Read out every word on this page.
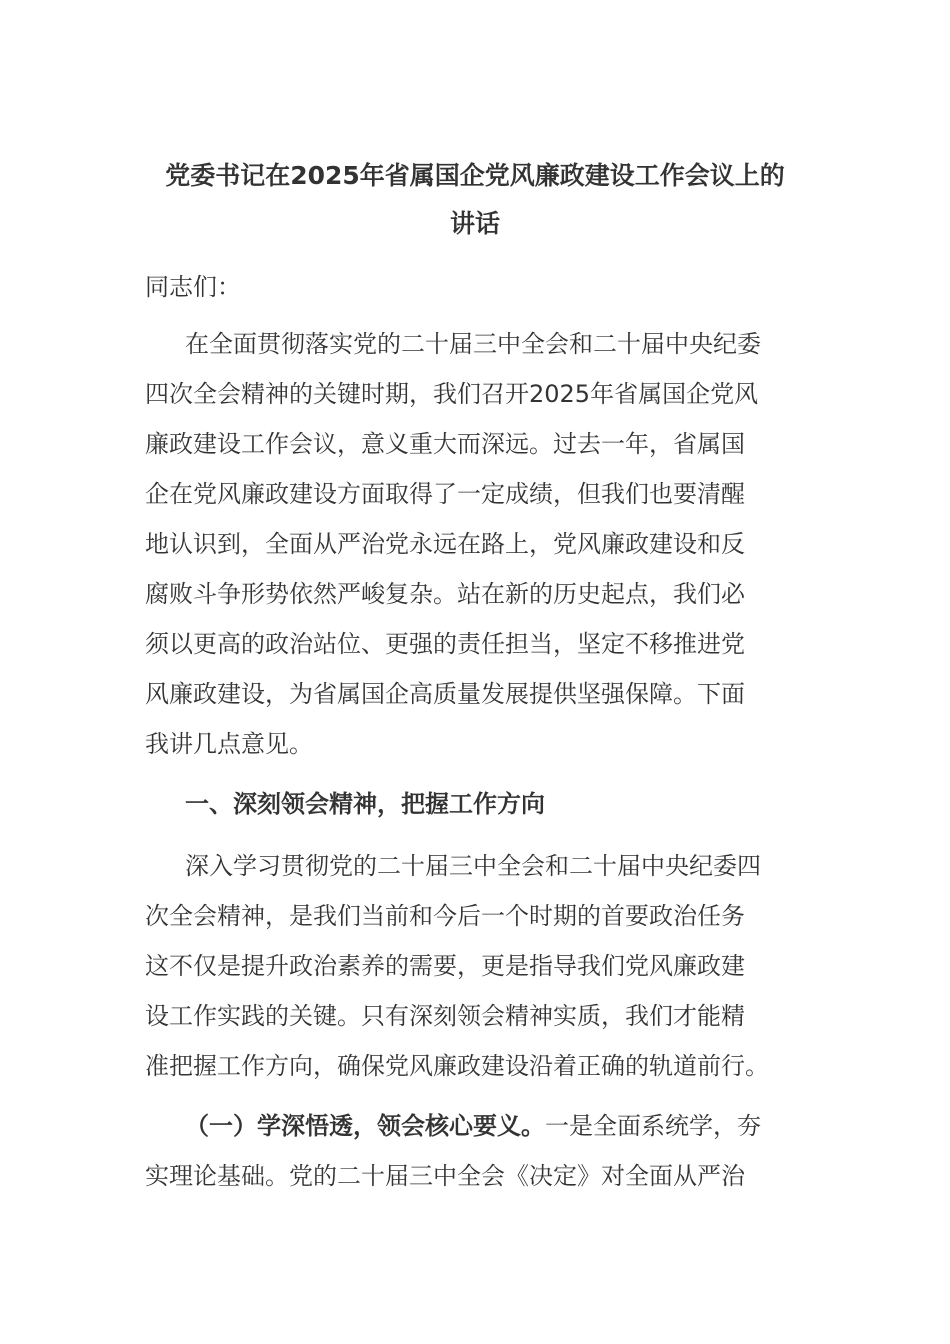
党委书记在2025年省属国企党风廉政建设工作会议上的
讲话

同志们：

在全面贯彻落实党的二十届三中全会和二十届中央纪委
四次全会精神的关键时期，我们召开2025年省属国企党风
廉政建设工作会议，意义重大而深远。过去一年，省属国
企在党风廉政建设方面取得了一定成绩，但我们也要清醒
地认识到，全面从严治党永远在路上，党风廉政建设和反
腐败斗争形势依然严峻复杂。站在新的历史起点，我们必
须以更高的政治站位、更强的责任担当，坚定不移推进党
风廉政建设，为省属国企高质量发展提供坚强保障。下面
我讲几点意见。

一、深刻领会精神，把握工作方向

深入学习贯彻党的二十届三中全会和二十届中央纪委四
次全会精神，是我们当前和今后一个时期的首要政治任务
这不仅是提升政治素养的需要，更是指导我们党风廉政建
设工作实践的关键。只有深刻领会精神实质，我们才能精
准把握工作方向，确保党风廉政建设沿着正确的轨道前行。

（一）学深悟透，领会核心要义。一是全面系统学，夯
实理论基础。党的二十届三中全会《决定》对全面从严治
